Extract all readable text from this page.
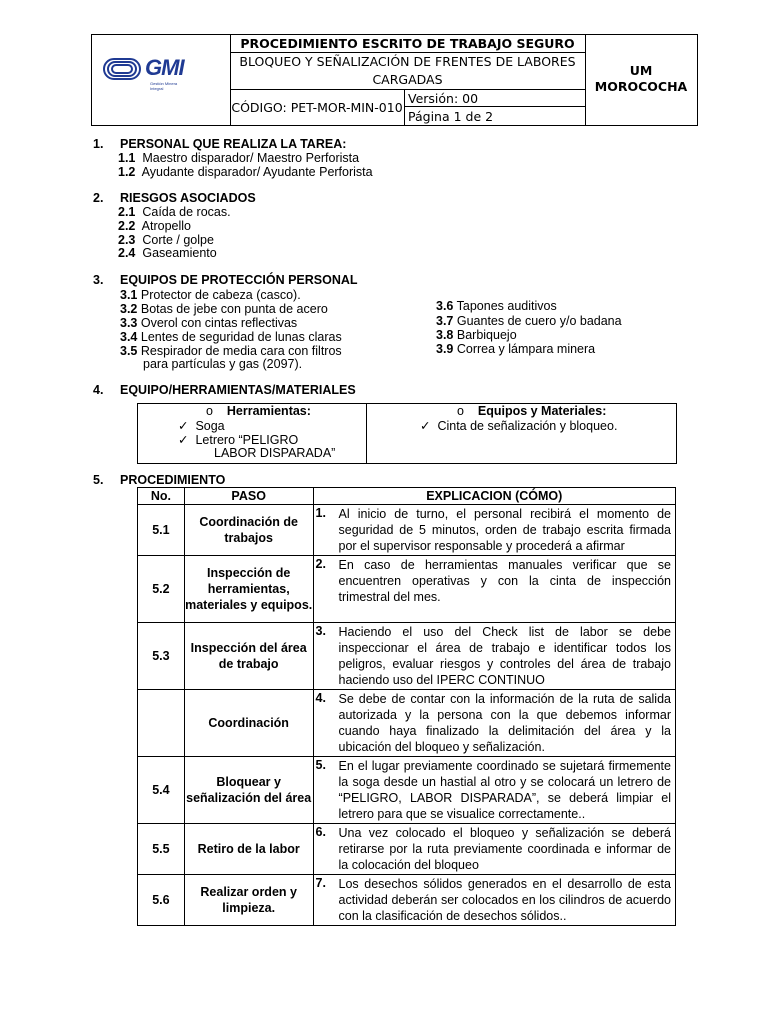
GMI
Gestión Minera Integral
PROCEDIMIENTO ESCRITO DE TRABAJO SEGURO
BLOQUEO Y SEÑALIZACIÓN DE FRENTES DE LABORES CARGADAS
CÓDIGO: PET-MOR-MIN-010
Versión: 00
Página 1 de 2
UM
MOROCOCHA
1. PERSONAL QUE REALIZA LA TAREA:
1.1 Maestro disparador/ Maestro Perforista
1.2 Ayudante disparador/ Ayudante Perforista
2. RIESGOS ASOCIADOS
2.1 Caída de rocas.
2.2 Atropello
2.3 Corte / golpe
2.4 Gaseamiento
3. EQUIPOS DE PROTECCIÓN PERSONAL
3.1 Protector de cabeza (casco).
3.2 Botas de jebe con punta de acero
3.3 Overol con cintas reflectivas
3.4 Lentes de seguridad de lunas claras
3.5 Respirador de media cara con filtros
para partículas y gas (2097).
3.6 Tapones auditivos
3.7 Guantes de cuero y/o badana
3.8 Barbiquejo
3.9 Correa y lámpara minera
4. EQUIPO/HERRAMIENTAS/MATERIALES
o Herramientas:
✓ Soga
✓ Letrero “PELIGRO
LABOR DISPARADA”
o Equipos y Materiales:
✓ Cinta de señalización y bloqueo.
5. PROCEDIMIENTO
No.	PASO	EXPLICACION (CÓMO)
5.1	Coordinación de trabajos	1. Al inicio de turno, el personal recibirá el momento de seguridad de 5 minutos, orden de trabajo escrita firmada por el supervisor responsable y procederá a afirmar

5.2	Inspección de herramientas, materiales y equipos.	2. En caso de herramientas manuales verificar que se encuentren operativas y con la cinta de inspección trimestral del mes.

5.3	Inspección del área de trabajo	3. Haciendo el uso del Check list de labor se debe inspeccionar el área de trabajo e identificar todos los peligros, evaluar riesgos y controles del área de trabajo haciendo uso del IPERC CONTINUO

	Coordinación	4. Se debe de contar con la información de la ruta de salida autorizada y la persona con la que debemos informar cuando haya finalizado la delimitación del área y la ubicación del bloqueo y señalización.

5.4	Bloquear y señalización del área	5. En el lugar previamente coordinado se sujetará firmemente la soga desde un hastial al otro y se colocará un letrero de “PELIGRO, LABOR DISPARADA”, se deberá limpiar el letrero para que se visualice correctamente..

5.5	Retiro de la labor	6. Una vez colocado el bloqueo y señalización se deberá retirarse por la ruta previamente coordinada e informar de la colocación del bloqueo

5.6	Realizar orden y limpieza.	7. Los desechos sólidos generados en el desarrollo de esta actividad deberán ser colocados en los cilindros de acuerdo con la clasificación de desechos sólidos..
